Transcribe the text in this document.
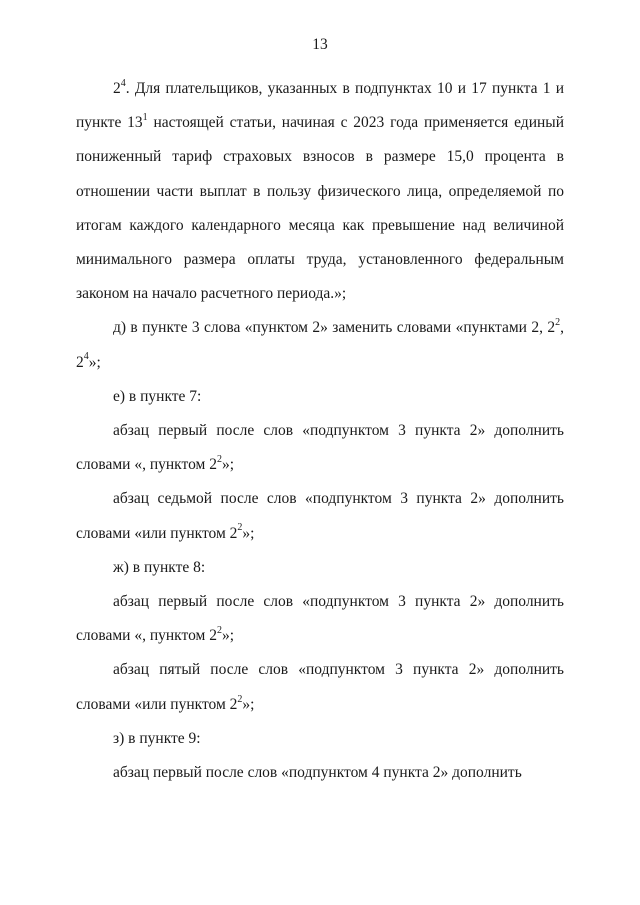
13

$2^4$. Для плательщиков, указанных в подпунктах 10 и 17 пункта 1 и пункте $13^1$ настоящей статьи, начиная с 2023 года применяется единый пониженный тариф страховых взносов в размере 15,0 процента в отношении части выплат в пользу физического лица, определяемой по итогам каждого календарного месяца как превышение над величиной минимального размера оплаты труда, установленного федеральным законом на начало расчетного периода.»;

д) в пункте 3 слова «пунктом 2» заменить словами «пунктами 2, $2^2$, $2^4$»;

е) в пункте 7:

абзац первый после слов «подпунктом 3 пункта 2» дополнить словами «, пунктом $2^2$»;

абзац седьмой после слов «подпунктом 3 пункта 2» дополнить словами «или пунктом $2^2$»;

ж) в пункте 8:

абзац первый после слов «подпунктом 3 пункта 2» дополнить словами «, пунктом $2^2$»;

абзац пятый после слов «подпунктом 3 пункта 2» дополнить словами «или пунктом $2^2$»;

з) в пункте 9:

абзац первый после слов «подпунктом 4 пункта 2» дополнить
